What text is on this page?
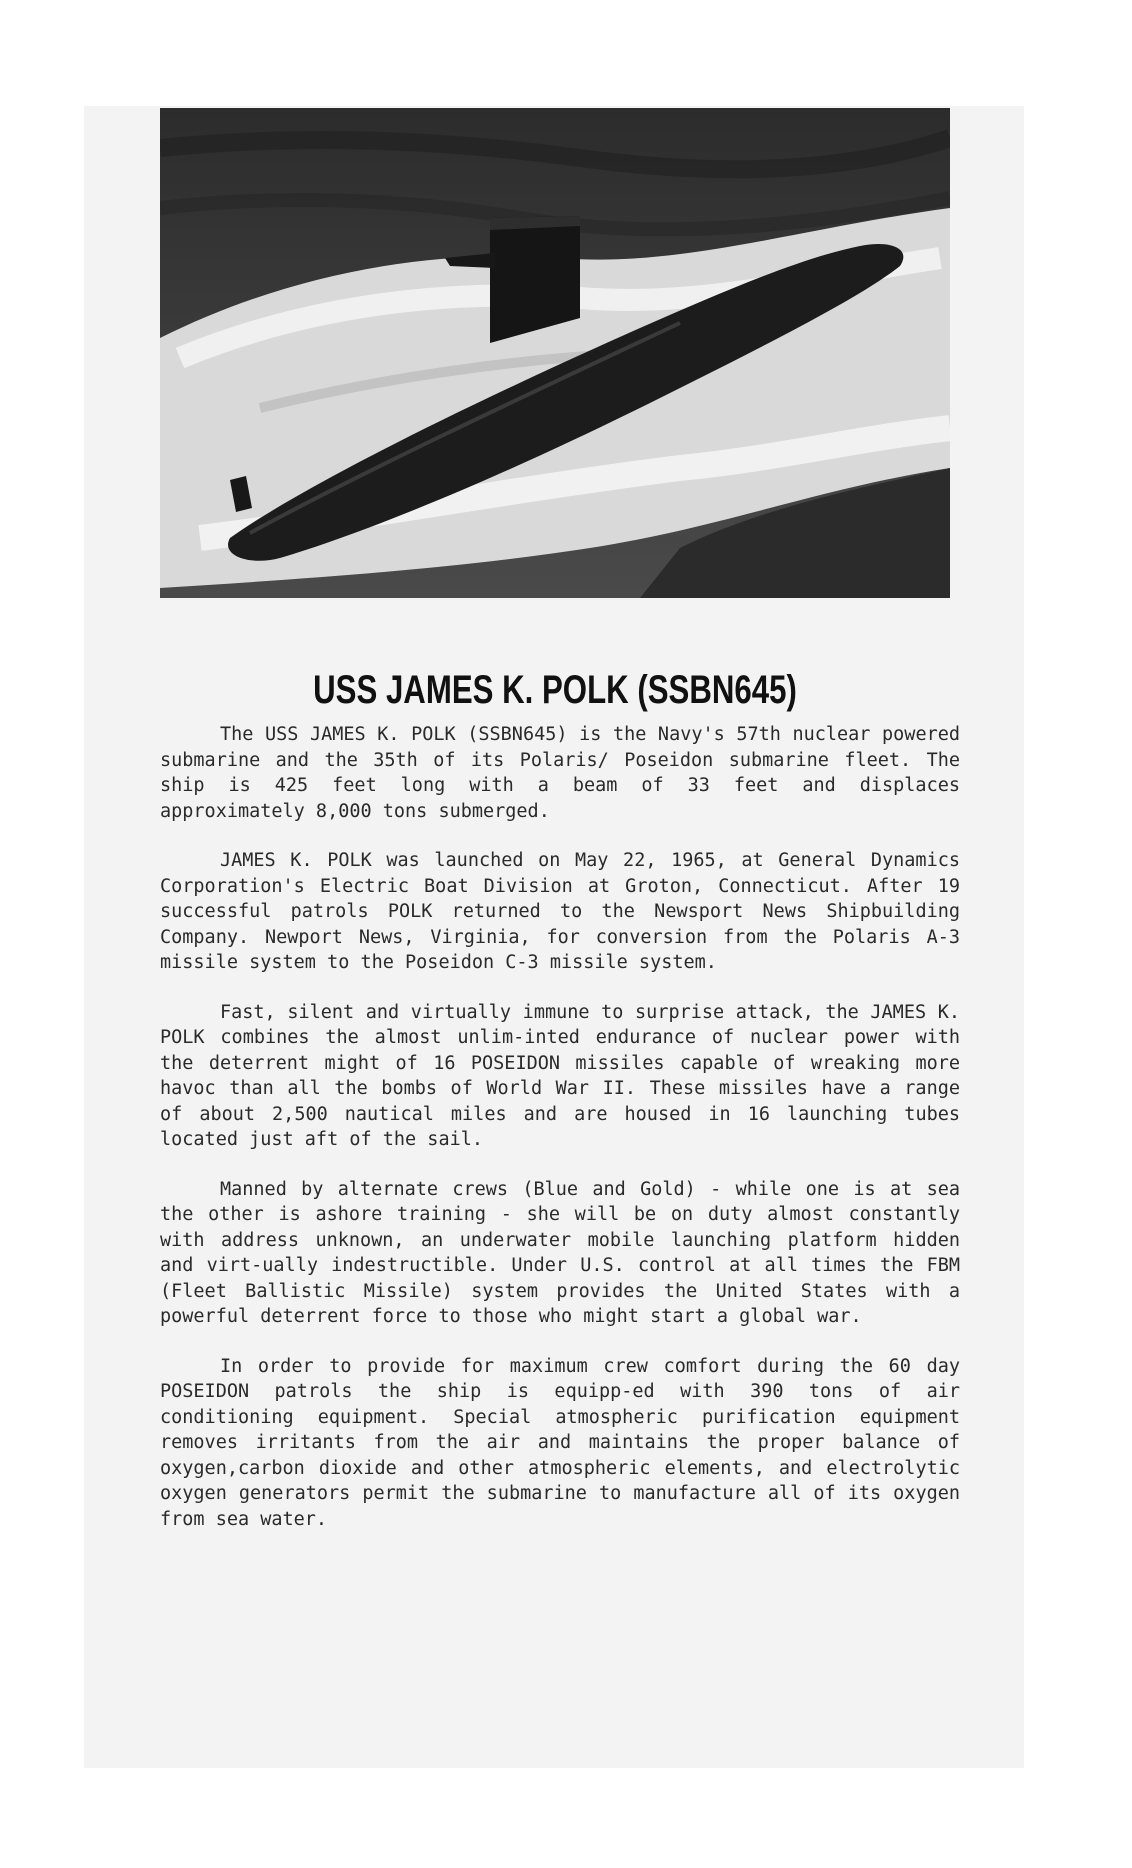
USS JAMES K. POLK (SSBN645)

The USS JAMES K. POLK (SSBN645) is the Navy's 57th nuclear powered submarine and the 35th of its Polaris/ Poseidon submarine fleet. The ship is 425 feet long with a beam of 33 feet and displaces approximately 8,000 tons submerged.

JAMES K. POLK was launched on May 22, 1965, at General Dynamics Corporation's Electric Boat Division at Groton, Connecticut. After 19 successful patrols POLK returned to the Newsport News Shipbuilding Company. Newport News, Virginia, for conversion from the Polaris A-3 missile system to the Poseidon C-3 missile system.

Fast, silent and virtually immune to surprise attack, the JAMES K. POLK combines the almost unlim-inted endurance of nuclear power with the deterrent might of 16 POSEIDON missiles capable of wreaking more havoc than all the bombs of World War II. These missiles have a range of about 2,500 nautical miles and are housed in 16 launching tubes located just aft of the sail.

Manned by alternate crews (Blue and Gold) - while one is at sea the other is ashore training - she will be on duty almost constantly with address unknown, an underwater mobile launching platform hidden and virt-ually indestructible. Under U.S. control at all times the FBM (Fleet Ballistic Missile) system provides the United States with a powerful deterrent force to those who might start a global war.

In order to provide for maximum crew comfort during the 60 day POSEIDON patrols the ship is equipp-ed with 390 tons of air conditioning equipment. Special atmospheric purification equipment removes irritants from the air and maintains the proper balance of oxygen,carbon dioxide and other atmospheric elements, and electrolytic oxygen generators permit the submarine to manufacture all of its oxygen from sea water.
